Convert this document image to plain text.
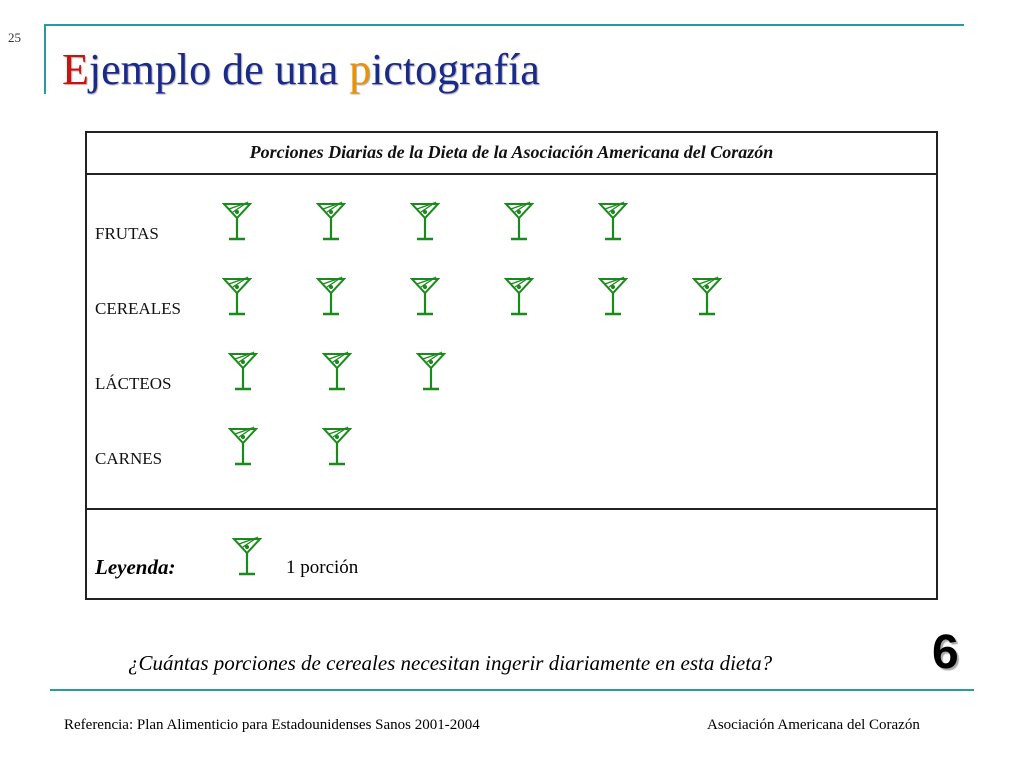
25
Ejemplo de una pictografía
Porciones Diarias de la Dieta de la Asociación Americana del Corazón
FRUTAS
CEREALES
LÁCTEOS
CARNES
Leyenda:	1 porción
¿Cuántas porciones de cereales necesitan ingerir diariamente en esta dieta?	6
Referencia: Plan Alimenticio para Estadounidenses Sanos 2001-2004	Asociación Americana del Corazón
